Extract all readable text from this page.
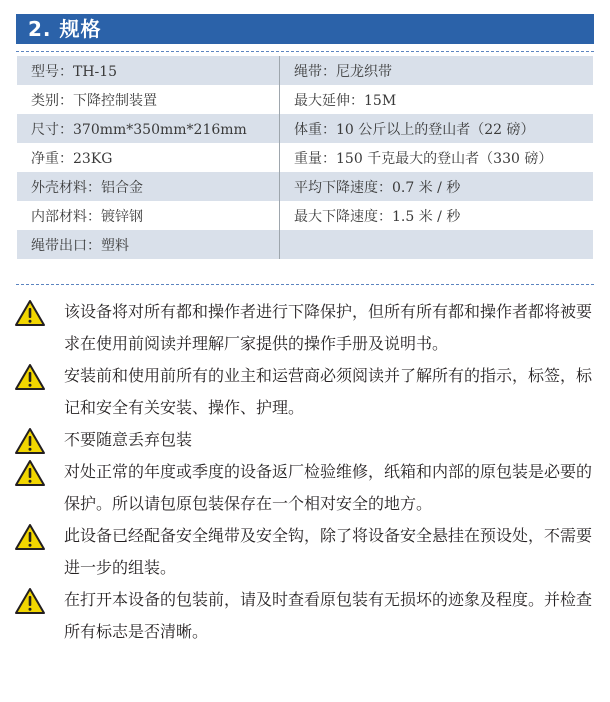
2. 规格
型号：TH-15	绳带：尼龙织带
类别：下降控制装置	最大延伸：15M
尺寸：370mm*350mm*216mm	体重：10 公斤以上的登山者（22 磅）
净重：23KG	重量：150 千克最大的登山者（330 磅）
外壳材料：铝合金	平均下降速度：0.7 米 / 秒
内部材料：镀锌钢	最大下降速度：1.5 米 / 秒
绳带出口：塑料	
该设备将对所有都和操作者进行下降保护，但所有所有都和操作者都将被要求在使用前阅读并理解厂家提供的操作手册及说明书。
安装前和使用前所有的业主和运营商必须阅读并了解所有的指示，标签，标记和安全有关安装、操作、护理。
不要随意丢弃包装
对处正常的年度或季度的设备返厂检验维修，纸箱和内部的原包装是必要的保护。所以请包原包装保存在一个相对安全的地方。
此设备已经配备安全绳带及安全钩，除了将设备安全悬挂在预设处，不需要进一步的组装。
在打开本设备的包装前，请及时查看原包装有无损坏的迹象及程度。并检查所有标志是否清晰。
